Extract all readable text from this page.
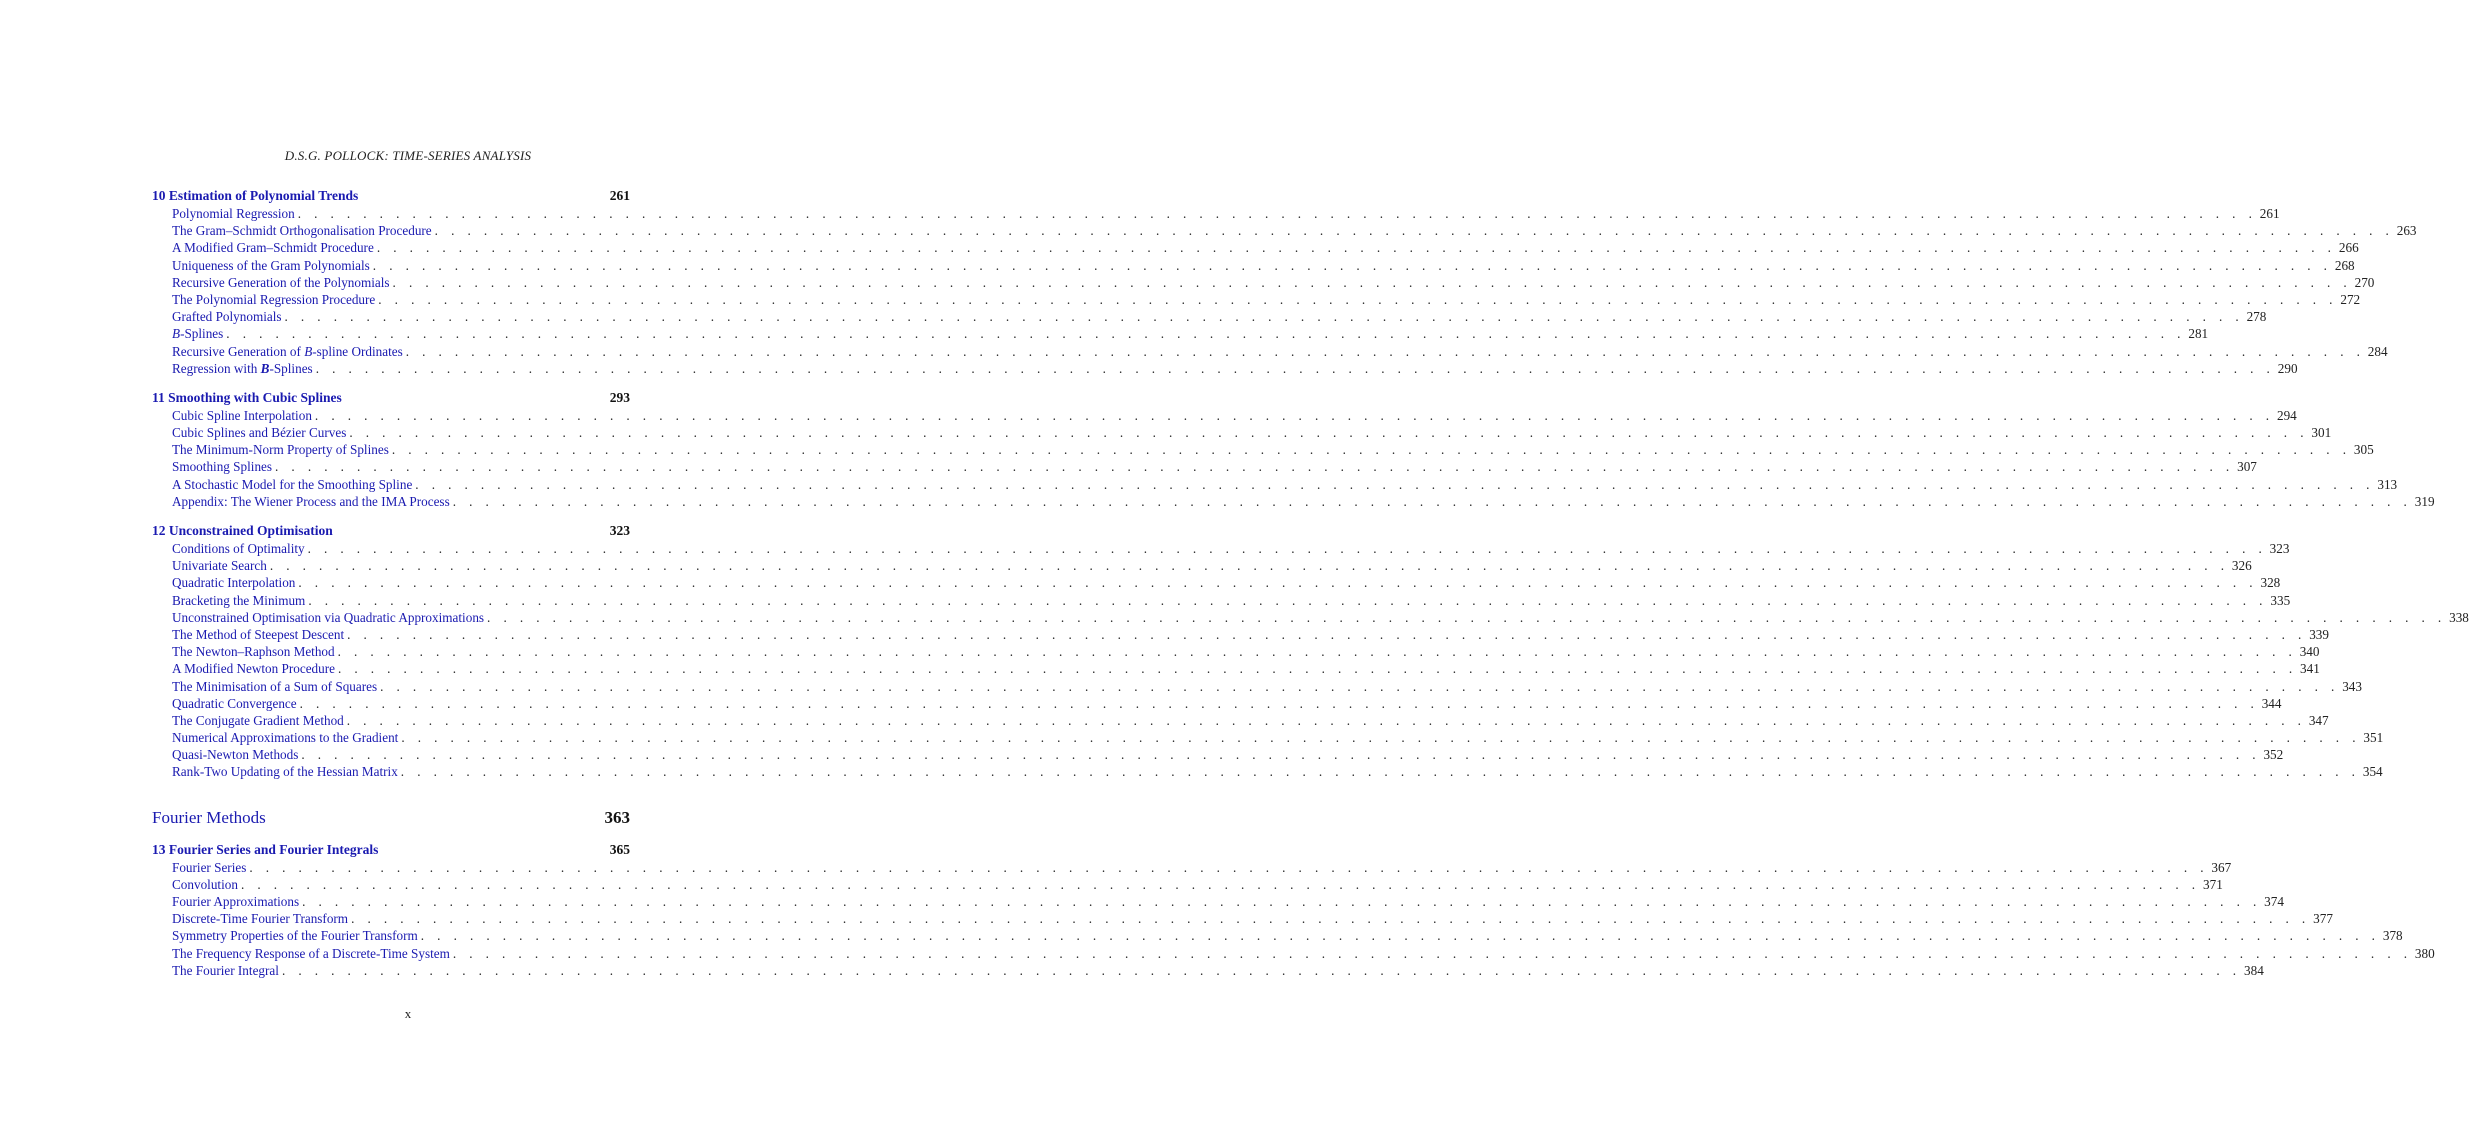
D.S.G. POLLOCK: TIME-SERIES ANALYSIS
10 Estimation of Polynomial Trends	261
Polynomial Regression . . . . . . . . . . . . . . . . . . . . . . . . . . . . . . . . . . . . . . . . . . . . . . . . . . . . . . . . . . . . . . . . . . . . . . . . . . . . . . . . . . . . . . . . . . . . . . . . . . . . . . . . . . . . . . . . . . . . . . . . 261
The Gram–Schmidt Orthogonalisation Procedure . . . . . . . . . . . . . . . . . . . . . . . . . . . . . . . . . . . . . . . . . . . . . . . . . . . . . . . . . . . . . . . . . . . . . . . . . . . . . . . . . . . . . . . . . . . . . . . . . . . . . . . . . . . . . . . . . . . . . . . . 263
A Modified Gram–Schmidt Procedure . . . . . . . . . . . . . . . . . . . . . . . . . . . . . . . . . . . . . . . . . . . . . . . . . . . . . . . . . . . . . . . . . . . . . . . . . . . . . . . . . . . . . . . . . . . . . . . . . . . . . . . . . . . . . . . . . . . . . . . . 266
Uniqueness of the Gram Polynomials . . . . . . . . . . . . . . . . . . . . . . . . . . . . . . . . . . . . . . . . . . . . . . . . . . . . . . . . . . . . . . . . . . . . . . . . . . . . . . . . . . . . . . . . . . . . . . . . . . . . . . . . . . . . . . . . . . . . . . . . 268
Recursive Generation of the Polynomials . . . . . . . . . . . . . . . . . . . . . . . . . . . . . . . . . . . . . . . . . . . . . . . . . . . . . . . . . . . . . . . . . . . . . . . . . . . . . . . . . . . . . . . . . . . . . . . . . . . . . . . . . . . . . . . . . . . . . . . . 270
The Polynomial Regression Procedure . . . . . . . . . . . . . . . . . . . . . . . . . . . . . . . . . . . . . . . . . . . . . . . . . . . . . . . . . . . . . . . . . . . . . . . . . . . . . . . . . . . . . . . . . . . . . . . . . . . . . . . . . . . . . . . . . . . . . . . . 272
Grafted Polynomials . . . . . . . . . . . . . . . . . . . . . . . . . . . . . . . . . . . . . . . . . . . . . . . . . . . . . . . . . . . . . . . . . . . . . . . . . . . . . . . . . . . . . . . . . . . . . . . . . . . . . . . . . . . . . . . . . . . . . . . . 278
B-Splines . . . . . . . . . . . . . . . . . . . . . . . . . . . . . . . . . . . . . . . . . . . . . . . . . . . . . . . . . . . . . . . . . . . . . . . . . . . . . . . . . . . . . . . . . . . . . . . . . . . . . . . . . . . . . . . . . . . . . . . . 281
Recursive Generation of B-spline Ordinates . . . . . . . . . . . . . . . . . . . . . . . . . . . . . . . . . . . . . . . . . . . . . . . . . . . . . . . . . . . . . . . . . . . . . . . . . . . . . . . . . . . . . . . . . . . . . . . . . . . . . . . . . . . . . . . . . . . . . . . . 284
Regression with B-Splines . . . . . . . . . . . . . . . . . . . . . . . . . . . . . . . . . . . . . . . . . . . . . . . . . . . . . . . . . . . . . . . . . . . . . . . . . . . . . . . . . . . . . . . . . . . . . . . . . . . . . . . . . . . . . . . . . . . . . . . . 290
11 Smoothing with Cubic Splines	293
Cubic Spline Interpolation . . . . . . . . . . . . . . . . . . . . . . . . . . . . . . . . . . . . . . . . . . . . . . . . . . . . . . . . . . . . . . . . . . . . . . . . . . . . . . . . . . . . . . . . . . . . . . . . . . . . . . . . . . . . . . . . . . . . . . . . 294
Cubic Splines and Bézier Curves . . . . . . . . . . . . . . . . . . . . . . . . . . . . . . . . . . . . . . . . . . . . . . . . . . . . . . . . . . . . . . . . . . . . . . . . . . . . . . . . . . . . . . . . . . . . . . . . . . . . . . . . . . . . . . . . . . . . . . . . 301
The Minimum-Norm Property of Splines . . . . . . . . . . . . . . . . . . . . . . . . . . . . . . . . . . . . . . . . . . . . . . . . . . . . . . . . . . . . . . . . . . . . . . . . . . . . . . . . . . . . . . . . . . . . . . . . . . . . . . . . . . . . . . . . . . . . . . . . 305
Smoothing Splines . . . . . . . . . . . . . . . . . . . . . . . . . . . . . . . . . . . . . . . . . . . . . . . . . . . . . . . . . . . . . . . . . . . . . . . . . . . . . . . . . . . . . . . . . . . . . . . . . . . . . . . . . . . . . . . . . . . . . . . . 307
A Stochastic Model for the Smoothing Spline . . . . . . . . . . . . . . . . . . . . . . . . . . . . . . . . . . . . . . . . . . . . . . . . . . . . . . . . . . . . . . . . . . . . . . . . . . . . . . . . . . . . . . . . . . . . . . . . . . . . . . . . . . . . . . . . . . . . . . . . 313
Appendix: The Wiener Process and the IMA Process . . . . . . . . . . . . . . . . . . . . . . . . . . . . . . . . . . . . . . . . . . . . . . . . . . . . . . . . . . . . . . . . . . . . . . . . . . . . . . . . . . . . . . . . . . . . . . . . . . . . . . . . . . . . . . . . . . . . . . . . 319
12 Unconstrained Optimisation	323
Conditions of Optimality . . . . . . . . . . . . . . . . . . . . . . . . . . . . . . . . . . . . . . . . . . . . . . . . . . . . . . . . . . . . . . . . . . . . . . . . . . . . . . . . . . . . . . . . . . . . . . . . . . . . . . . . . . . . . . . . . . . . . . . . 323
Univariate Search . . . . . . . . . . . . . . . . . . . . . . . . . . . . . . . . . . . . . . . . . . . . . . . . . . . . . . . . . . . . . . . . . . . . . . . . . . . . . . . . . . . . . . . . . . . . . . . . . . . . . . . . . . . . . . . . . . . . . . . . 326
Quadratic Interpolation . . . . . . . . . . . . . . . . . . . . . . . . . . . . . . . . . . . . . . . . . . . . . . . . . . . . . . . . . . . . . . . . . . . . . . . . . . . . . . . . . . . . . . . . . . . . . . . . . . . . . . . . . . . . . . . . . . . . . . . . 328
Bracketing the Minimum . . . . . . . . . . . . . . . . . . . . . . . . . . . . . . . . . . . . . . . . . . . . . . . . . . . . . . . . . . . . . . . . . . . . . . . . . . . . . . . . . . . . . . . . . . . . . . . . . . . . . . . . . . . . . . . . . . . . . . . . 335
Unconstrained Optimisation via Quadratic Approximations . . . . . . . . . . . . . . . . . . . . . . . . . . . . . . . . . . . . . . . . . . . . . . . . . . . . . . . . . . . . . . . . . . . . . . . . . . . . . . . . . . . . . . . . . . . . . . . . . . . . . . . . . . . . . . . . . . . . . . . . 338
The Method of Steepest Descent . . . . . . . . . . . . . . . . . . . . . . . . . . . . . . . . . . . . . . . . . . . . . . . . . . . . . . . . . . . . . . . . . . . . . . . . . . . . . . . . . . . . . . . . . . . . . . . . . . . . . . . . . . . . . . . . . . . . . . . . 339
The Newton–Raphson Method . . . . . . . . . . . . . . . . . . . . . . . . . . . . . . . . . . . . . . . . . . . . . . . . . . . . . . . . . . . . . . . . . . . . . . . . . . . . . . . . . . . . . . . . . . . . . . . . . . . . . . . . . . . . . . . . . . . . . . . . 340
A Modified Newton Procedure . . . . . . . . . . . . . . . . . . . . . . . . . . . . . . . . . . . . . . . . . . . . . . . . . . . . . . . . . . . . . . . . . . . . . . . . . . . . . . . . . . . . . . . . . . . . . . . . . . . . . . . . . . . . . . . . . . . . . . . . 341
The Minimisation of a Sum of Squares . . . . . . . . . . . . . . . . . . . . . . . . . . . . . . . . . . . . . . . . . . . . . . . . . . . . . . . . . . . . . . . . . . . . . . . . . . . . . . . . . . . . . . . . . . . . . . . . . . . . . . . . . . . . . . . . . . . . . . . . 343
Quadratic Convergence . . . . . . . . . . . . . . . . . . . . . . . . . . . . . . . . . . . . . . . . . . . . . . . . . . . . . . . . . . . . . . . . . . . . . . . . . . . . . . . . . . . . . . . . . . . . . . . . . . . . . . . . . . . . . . . . . . . . . . . . 344
The Conjugate Gradient Method . . . . . . . . . . . . . . . . . . . . . . . . . . . . . . . . . . . . . . . . . . . . . . . . . . . . . . . . . . . . . . . . . . . . . . . . . . . . . . . . . . . . . . . . . . . . . . . . . . . . . . . . . . . . . . . . . . . . . . . . 347
Numerical Approximations to the Gradient . . . . . . . . . . . . . . . . . . . . . . . . . . . . . . . . . . . . . . . . . . . . . . . . . . . . . . . . . . . . . . . . . . . . . . . . . . . . . . . . . . . . . . . . . . . . . . . . . . . . . . . . . . . . . . . . . . . . . . . . 351
Quasi-Newton Methods . . . . . . . . . . . . . . . . . . . . . . . . . . . . . . . . . . . . . . . . . . . . . . . . . . . . . . . . . . . . . . . . . . . . . . . . . . . . . . . . . . . . . . . . . . . . . . . . . . . . . . . . . . . . . . . . . . . . . . . . 352
Rank-Two Updating of the Hessian Matrix . . . . . . . . . . . . . . . . . . . . . . . . . . . . . . . . . . . . . . . . . . . . . . . . . . . . . . . . . . . . . . . . . . . . . . . . . . . . . . . . . . . . . . . . . . . . . . . . . . . . . . . . . . . . . . . . . . . . . . . . 354
Fourier Methods	363
13 Fourier Series and Fourier Integrals	365
Fourier Series . . . . . . . . . . . . . . . . . . . . . . . . . . . . . . . . . . . . . . . . . . . . . . . . . . . . . . . . . . . . . . . . . . . . . . . . . . . . . . . . . . . . . . . . . . . . . . . . . . . . . . . . . . . . . . . . . . . . . . . . 367
Convolution . . . . . . . . . . . . . . . . . . . . . . . . . . . . . . . . . . . . . . . . . . . . . . . . . . . . . . . . . . . . . . . . . . . . . . . . . . . . . . . . . . . . . . . . . . . . . . . . . . . . . . . . . . . . . . . . . . . . . . . . 371
Fourier Approximations . . . . . . . . . . . . . . . . . . . . . . . . . . . . . . . . . . . . . . . . . . . . . . . . . . . . . . . . . . . . . . . . . . . . . . . . . . . . . . . . . . . . . . . . . . . . . . . . . . . . . . . . . . . . . . . . . . . . . . . . 374
Discrete-Time Fourier Transform . . . . . . . . . . . . . . . . . . . . . . . . . . . . . . . . . . . . . . . . . . . . . . . . . . . . . . . . . . . . . . . . . . . . . . . . . . . . . . . . . . . . . . . . . . . . . . . . . . . . . . . . . . . . . . . . . . . . . . . . 377
Symmetry Properties of the Fourier Transform . . . . . . . . . . . . . . . . . . . . . . . . . . . . . . . . . . . . . . . . . . . . . . . . . . . . . . . . . . . . . . . . . . . . . . . . . . . . . . . . . . . . . . . . . . . . . . . . . . . . . . . . . . . . . . . . . . . . . . . . 378
The Frequency Response of a Discrete-Time System . . . . . . . . . . . . . . . . . . . . . . . . . . . . . . . . . . . . . . . . . . . . . . . . . . . . . . . . . . . . . . . . . . . . . . . . . . . . . . . . . . . . . . . . . . . . . . . . . . . . . . . . . . . . . . . . . . . . . . . . 380
The Fourier Integral . . . . . . . . . . . . . . . . . . . . . . . . . . . . . . . . . . . . . . . . . . . . . . . . . . . . . . . . . . . . . . . . . . . . . . . . . . . . . . . . . . . . . . . . . . . . . . . . . . . . . . . . . . . . . . . . . . . . . . . . 384
x
